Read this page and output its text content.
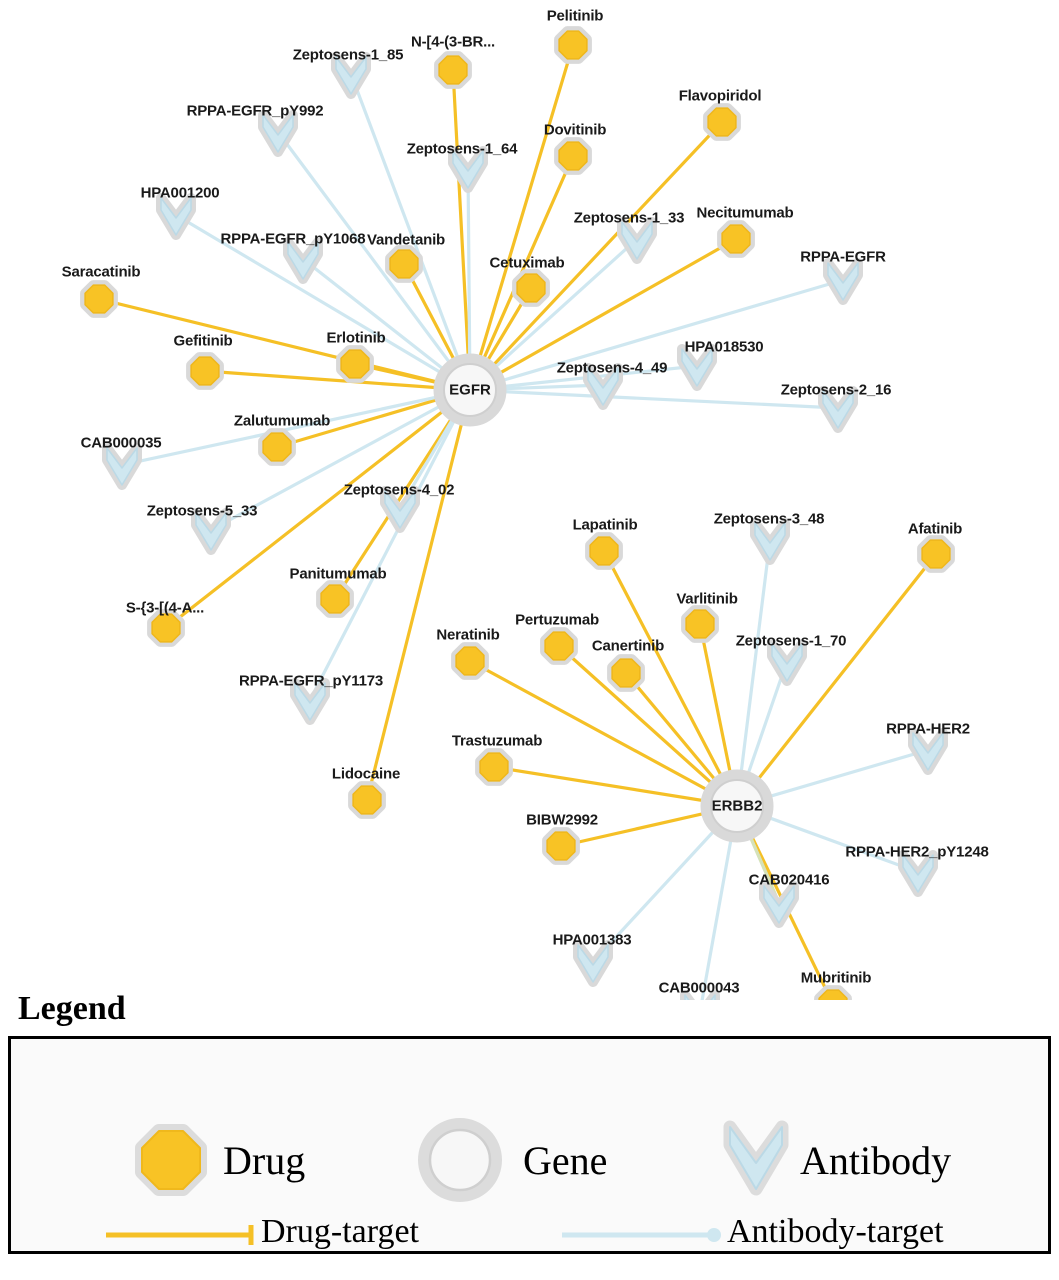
Zeptosens-1_85
RPPA-EGFR_pY992
Zeptosens-1_64
HPA001200
Zeptosens-1_33
RPPA-EGFR_pY1068
RPPA-EGFR
HPA018530
Zeptosens-4_49
Zeptosens-2_16
CAB000035
Zeptosens-4_02
Zeptosens-5_33	Zeptosens-3_48
Zeptosens-1_70
RPPA-EGFR_pY1173
RPPA-HER2
RPPA-HER2_pY1248
CAB020416
HPA001383
CAB000043
Pelitinib
N-[4-(3-BR...
Flavopiridol
Dovitinib
Necitumumab
Vandetanib
Cetuximab
Saracatinib
Erlotinib
Gefitinib
Zalutumumab
Afatinib
Lapatinib
Panitumumab
Varlitinib
S-{3-[(4-A...
Pertuzumab
Canertinib
Neratinib
Trastuzumab
Lidocaine
BIBW2992
Mubritinib
EGFR
ERBB2
Legend
Drug	Gene	Antibody
Drug-target	Antibody-target
